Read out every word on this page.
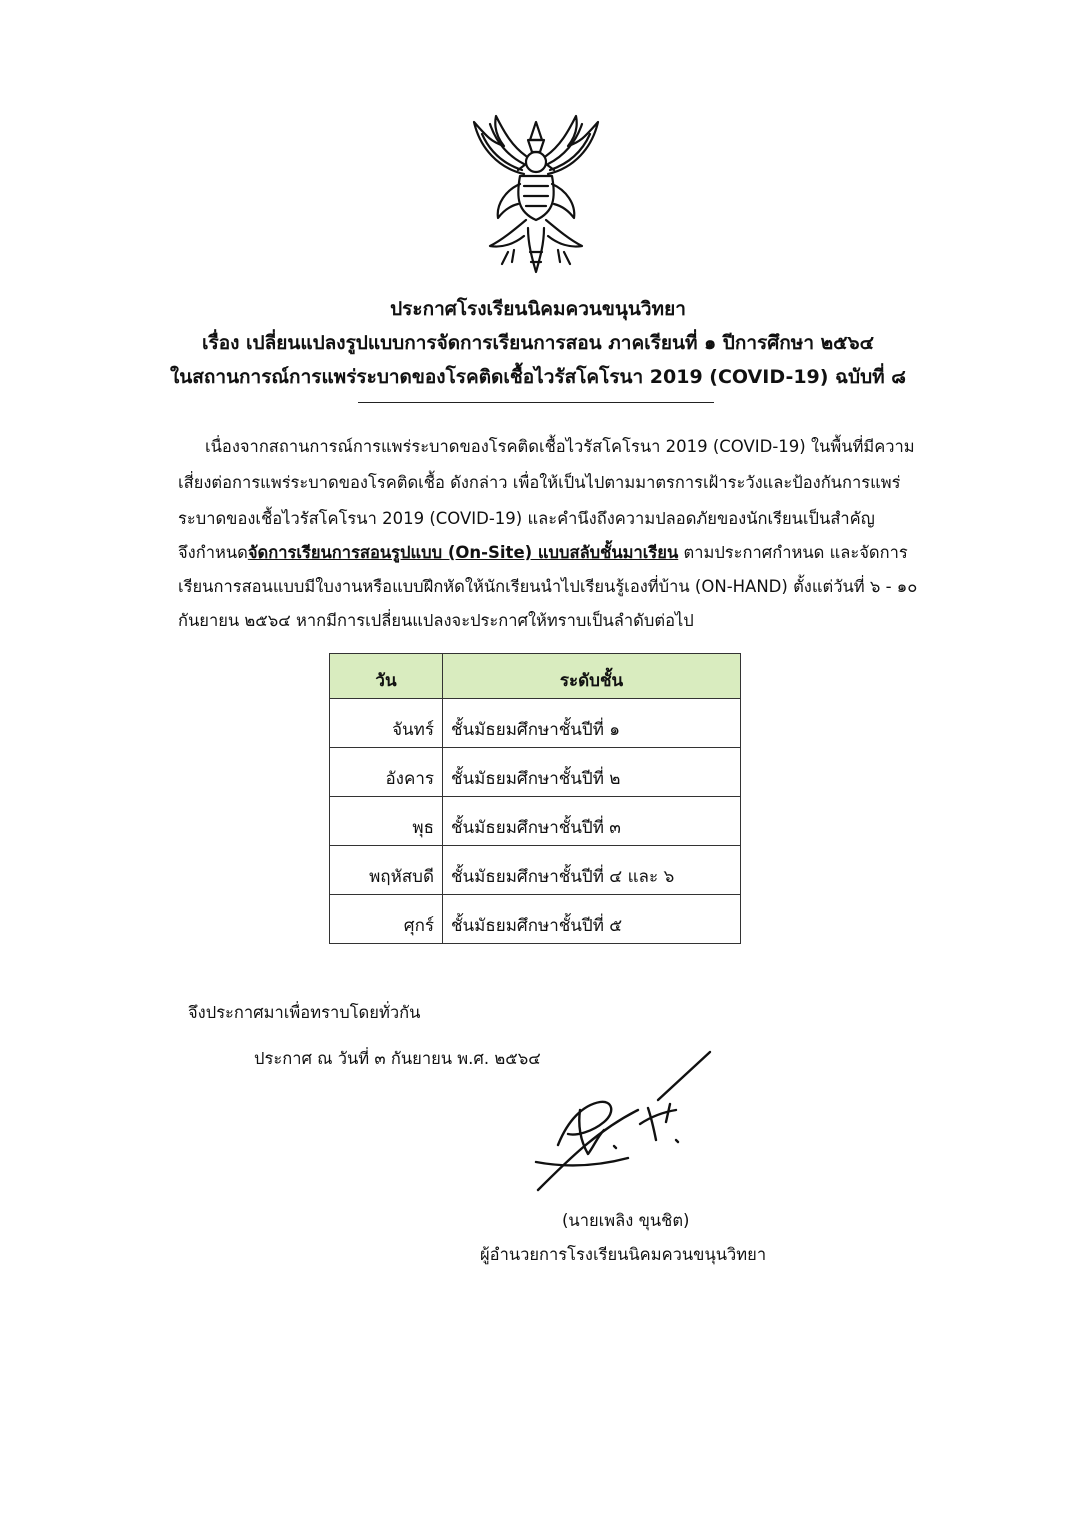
ประกาศโรงเรียนนิคมควนขนุนวิทยา
เรื่อง เปลี่ยนแปลงรูปแบบการจัดการเรียนการสอน ภาคเรียนที่ ๑ ปีการศึกษา ๒๕๖๔
ในสถานการณ์การแพร่ระบาดของโรคติดเชื้อไวรัสโคโรนา 2019 (COVID-19) ฉบับที่ ๘
เนื่องจากสถานการณ์การแพร่ระบาดของโรคติดเชื้อไวรัสโคโรนา 2019 (COVID-19) ในพื้นที่มีความ
เสี่ยงต่อการแพร่ระบาดของโรคติดเชื้อ ดังกล่าว เพื่อให้เป็นไปตามมาตรการเฝ้าระวังและป้องกันการแพร่
ระบาดของเชื้อไวรัสโคโรนา 2019 (COVID-19) และคำนึงถึงความปลอดภัยของนักเรียนเป็นสำคัญ
จึงกำหนดจัดการเรียนการสอนรูปแบบ (On-Site) แบบสลับชั้นมาเรียน ตามประกาศกำหนด และจัดการ
เรียนการสอนแบบมีใบงานหรือแบบฝึกหัดให้นักเรียนนำไปเรียนรู้เองที่บ้าน (ON-HAND) ตั้งแต่วันที่ ๖ - ๑๐
กันยายน ๒๕๖๔ หากมีการเปลี่ยนแปลงจะประกาศให้ทราบเป็นลำดับต่อไป
วัน	ระดับชั้น
จันทร์	ชั้นมัธยมศึกษาชั้นปีที่ ๑
อังคาร	ชั้นมัธยมศึกษาชั้นปีที่ ๒
พุธ	ชั้นมัธยมศึกษาชั้นปีที่ ๓
พฤหัสบดี	ชั้นมัธยมศึกษาชั้นปีที่ ๔ และ ๖
ศุกร์	ชั้นมัธยมศึกษาชั้นปีที่ ๕
จึงประกาศมาเพื่อทราบโดยทั่วกัน
ประกาศ ณ วันที่ ๓ กันยายน พ.ศ. ๒๕๖๔
(นายเพลิง ขุนชิต)
ผู้อำนวยการโรงเรียนนิคมควนขนุนวิทยา
